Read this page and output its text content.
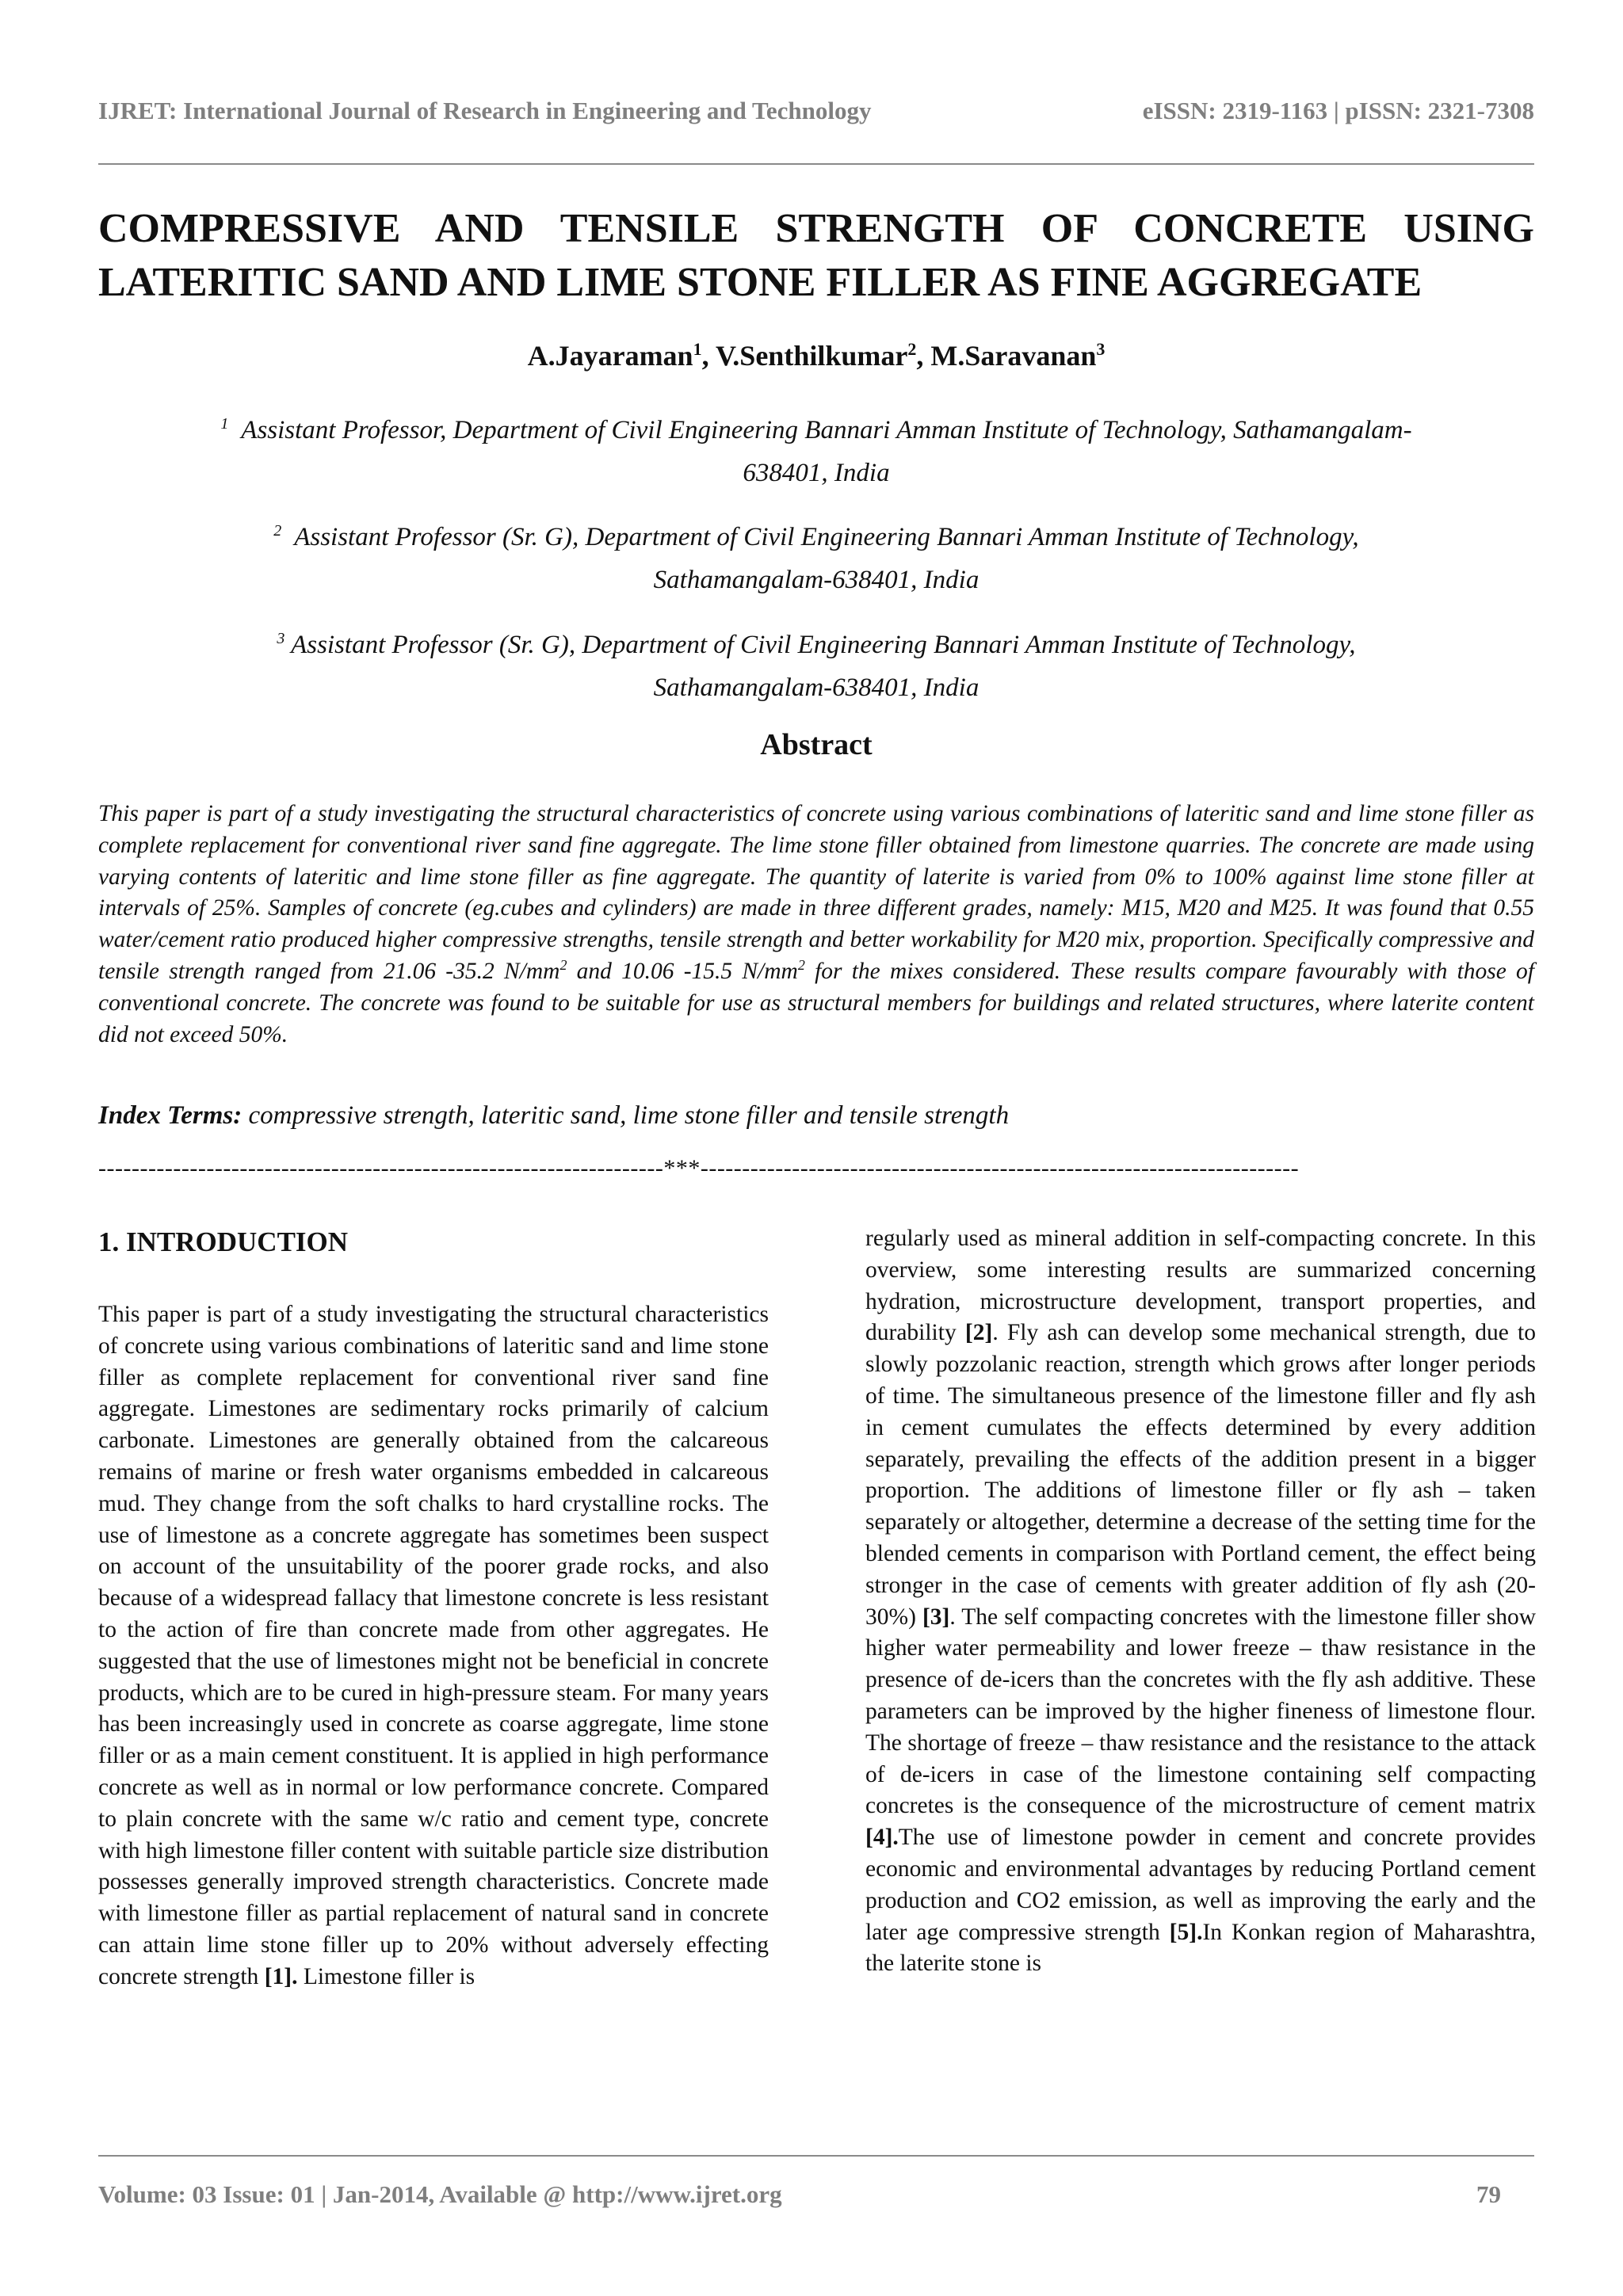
IJRET: International Journal of Research in Engineering and Technology	eISSN: 2319-1163 | pISSN: 2321-7308
COMPRESSIVE AND TENSILE STRENGTH OF CONCRETE USING
LATERITIC SAND AND LIME STONE FILLER AS FINE AGGREGATE
A.Jayaraman$^1$, V.Senthilkumar$^2$, M.Saravanan$^3$
$^1$ Assistant Professor, Department of Civil Engineering Bannari Amman Institute of Technology, Sathamangalam-
638401, India
$^2$ Assistant Professor (Sr. G), Department of Civil Engineering Bannari Amman Institute of Technology,
Sathamangalam-638401, India
$^3$ Assistant Professor (Sr. G), Department of Civil Engineering Bannari Amman Institute of Technology,
Sathamangalam-638401, India
Abstract

This paper is part of a study investigating the structural characteristics of concrete using various combinations of lateritic sand and lime stone filler as complete replacement for conventional river sand fine aggregate. The lime stone filler obtained from limestone quarries. The concrete are made using varying contents of lateritic and lime stone filler as fine aggregate. The quantity of laterite is varied from 0% to 100% against lime stone filler at intervals of 25%. Samples of concrete (eg.cubes and cylinders) are made in three different grades, namely: M15, M20 and M25. It was found that 0.55 water/cement ratio produced higher compressive strengths, tensile strength and better workability for M20 mix, proportion. Specifically compressive and tensile strength ranged from 21.06 -35.2 $N/mm^2$ and 10.06 -15.5 $N/mm^2$ for the mixes considered. These results compare favourably with those of conventional concrete. The concrete was found to be suitable for use as structural members for buildings and related structures, where laterite content did not exceed 50%.

Index Terms: compressive strength, lateritic sand, lime stone filler and tensile strength
--------------------------------------------------------------------***------------------------------------------------------------------------
1. INTRODUCTION

This paper is part of a study investigating the structural characteristics of concrete using various combinations of lateritic sand and lime stone filler as complete replacement for conventional river sand fine aggregate. Limestones are sedimentary rocks primarily of calcium carbonate. Limestones are generally obtained from the calcareous remains of marine or fresh water organisms embedded in calcareous mud. They change from the soft chalks to hard crystalline rocks. The use of limestone as a concrete aggregate has sometimes been suspect on account of the unsuitability of the poorer grade rocks, and also because of a widespread fallacy that limestone concrete is less resistant to the action of fire than concrete made from other aggregates. He suggested that the use of limestones might not be beneficial in concrete products, which are to be cured in high-pressure steam. For many years has been increasingly used in concrete as coarse aggregate, lime stone filler or as a main cement constituent. It is applied in high performance concrete as well as in normal or low performance concrete. Compared to plain concrete with the same w/c ratio and cement type, concrete with high limestone filler content with suitable particle size distribution possesses generally improved strength characteristics. Concrete made with limestone filler as partial replacement of natural sand in concrete can attain lime stone filler up to 20% without adversely effecting concrete strength [1]. Limestone filler is

regularly used as mineral addition in self-compacting concrete. In this overview, some interesting results are summarized concerning hydration, microstructure development, transport properties, and durability [2]. Fly ash can develop some mechanical strength, due to slowly pozzolanic reaction, strength which grows after longer periods of time. The simultaneous presence of the limestone filler and fly ash in cement cumulates the effects determined by every addition separately, prevailing the effects of the addition present in a bigger proportion. The additions of limestone filler or fly ash – taken separately or altogether, determine a decrease of the setting time for the blended cements in comparison with Portland cement, the effect being stronger in the case of cements with greater addition of fly ash (20-30%) [3]. The self compacting concretes with the limestone filler show higher water permeability and lower freeze – thaw resistance in the presence of de-icers than the concretes with the fly ash additive. These parameters can be improved by the higher fineness of limestone flour. The shortage of freeze – thaw resistance and the resistance to the attack of de-icers in case of the limestone containing self compacting concretes is the consequence of the microstructure of cement matrix [4].The use of limestone powder in cement and concrete provides economic and environmental advantages by reducing Portland cement production and CO2 emission, as well as improving the early and the later age compressive strength [5].In Konkan region of Maharashtra, the laterite stone is

Volume: 03 Issue: 01 | Jan-2014, Available @ http://www.ijret.org	79
